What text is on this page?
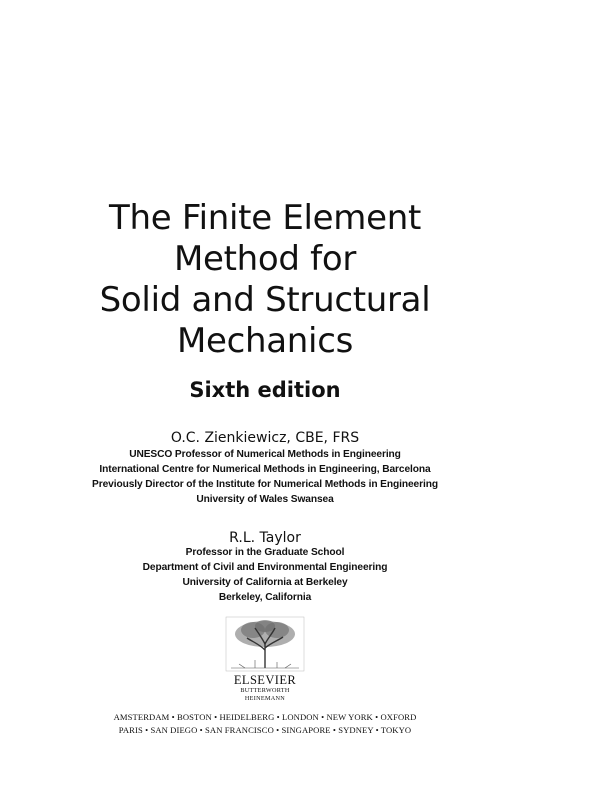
The Finite Element
Method for
Solid and Structural
Mechanics
Sixth edition
O.C. Zienkiewicz, CBE, FRS
UNESCO Professor of Numerical Methods in Engineering
International Centre for Numerical Methods in Engineering, Barcelona
Previously Director of the Institute for Numerical Methods in Engineering
University of Wales Swansea
R.L. Taylor
Professor in the Graduate School
Department of Civil and Environmental Engineering
University of California at Berkeley
Berkeley, California
ELSEVIER
BUTTERWORTH
HEINEMANN
AMSTERDAM • BOSTON • HEIDELBERG • LONDON • NEW YORK • OXFORD
PARIS • SAN DIEGO • SAN FRANCISCO • SINGAPORE • SYDNEY • TOKYO
